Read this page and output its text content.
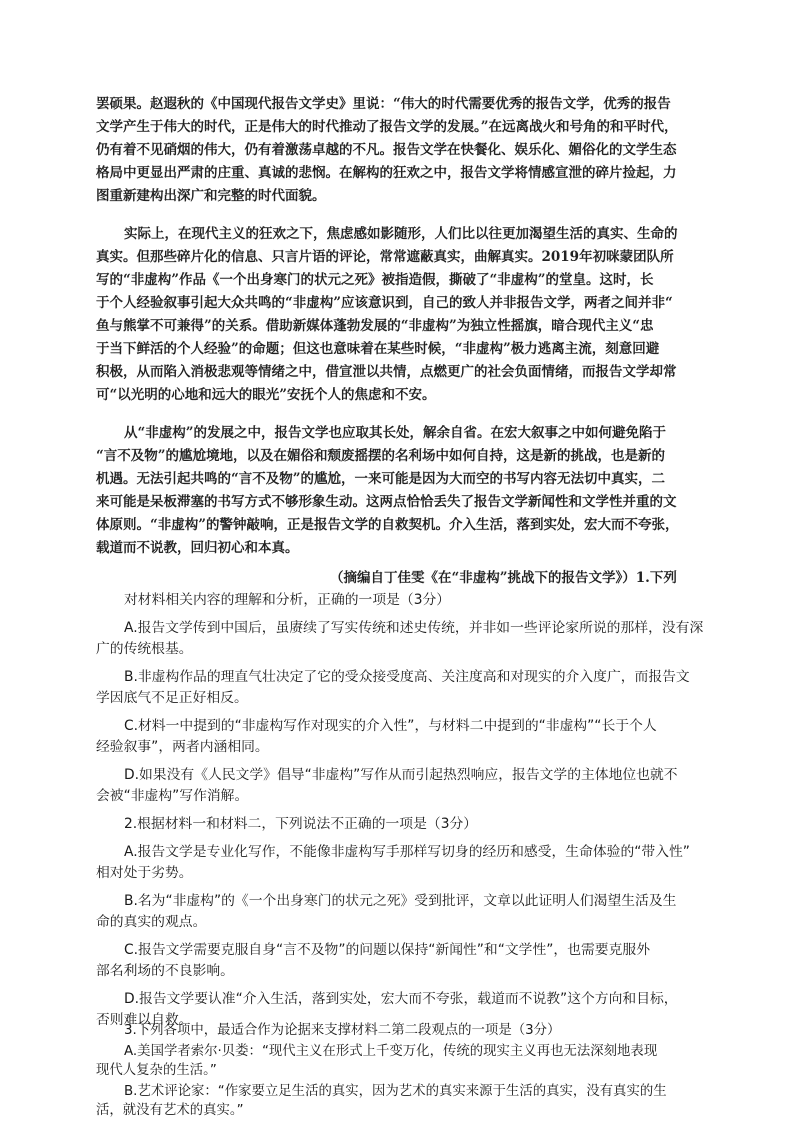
罢硕果。赵遐秋的《中国现代报告文学史》里说：“伟大的时代需要优秀的报告文学，优秀的报告

文学产生于伟大的时代，正是伟大的时代推动了报告文学的发展。”在远离战火和号角的和平时代，

仍有着不见硝烟的伟大，仍有着激荡卓越的不凡。报告文学在快餐化、娱乐化、媚俗化的文学生态

格局中更显出严肃的庄重、真诚的悲悯。在解构的狂欢之中，报告文学将情感宣泄的碎片捡起，力

图重新建构出深广和完整的时代面貌。

实际上，在现代主义的狂欢之下，焦虑感如影随形，人们比以往更加渴望生活的真实、生命的

真实。但那些碎片化的信息、只言片语的评论，常常遮蔽真实，曲解真实。2019年初咪蒙团队所

写的“非虚构”作品《一个出身寒门的状元之死》被指造假，撕破了“非虚构”的堂皇。这时，长

于个人经验叙事引起大众共鸣的“非虚构”应该意识到，自己的致人并非报告文学，两者之间并非“

鱼与熊掌不可兼得”的关系。借助新媒体蓬勃发展的“非虚构”为独立性摇旗，暗合现代主义“忠

于当下鲜活的个人经验”的命题；但这也意味着在某些时候，“非虚构”极力逃离主流，刻意回避

积极，从而陷入消极悲观等情绪之中，借宣泄以共情，点燃更广的社会负面情绪，而报告文学却常

可“以光明的心地和远大的眼光”安抚个人的焦虑和不安。

从“非虚构”的发展之中，报告文学也应取其长处，解余自省。在宏大叙事之中如何避免陷于

“言不及物”的尴尬境地，以及在媚俗和颓废摇摆的名利场中如何自持，这是新的挑战，也是新的

机遇。无法引起共鸣的“言不及物”的尴尬，一来可能是因为大而空的书写内容无法切中真实，二

来可能是呆板滞塞的书写方式不够形象生动。这两点恰恰丢失了报告文学新闻性和文学性并重的文

体原则。“非虚构”的警钟敲响，正是报告文学的自救契机。介入生活，落到实处，宏大而不夸张，

载道而不说教，回归初心和本真。

（摘编自丁佳雯《在“非虚构”挑战下的报告文学》）1.下列

对材料相关内容的理解和分析，正确的一项是（3分）

A.报告文学传到中国后，虽赓续了写实传统和述史传统，并非如一些评论家所说的那样，没有深

广的传统根基。

B.非虚构作品的理直气壮决定了它的受众接受度高、关注度高和对现实的介入度广，而报告文

学因底气不足正好相反。

C.材料一中提到的“非虚构写作对现实的介入性”，与材料二中提到的“非虚构”“长于个人

经验叙事”，两者内涵相同。

D.如果没有《人民文学》倡导“非虚构”写作从而引起热烈响应，报告文学的主体地位也就不

会被“非虚构”写作消解。

2.根据材料一和材料二，下列说法不正确的一项是（3分）

A.报告文学是专业化写作，不能像非虚构写手那样写切身的经历和感受，生命体验的“带入性”

相对处于劣势。

B.名为“非虚构”的《一个出身寒门的状元之死》受到批评，文章以此证明人们渴望生活及生

命的真实的观点。

C.报告文学需要克服自身“言不及物”的问题以保持“新闻性”和“文学性”，也需要克服外

部名利场的不良影响。

D.报告文学要认准“介入生活，落到实处，宏大而不夸张，载道而不说教”这个方向和目标，

否则难以自救。

3.下列各项中，最适合作为论据来支撑材料二第二段观点的一项是（3分）

A.美国学者索尔·贝娄：“现代主义在形式上千变万化，传统的现实主义再也无法深刻地表现

现代人复杂的生活。”

B.艺术评论家：“作家要立足生活的真实，因为艺术的真实来源于生活的真实，没有真实的生

活，就没有艺术的真实。”
